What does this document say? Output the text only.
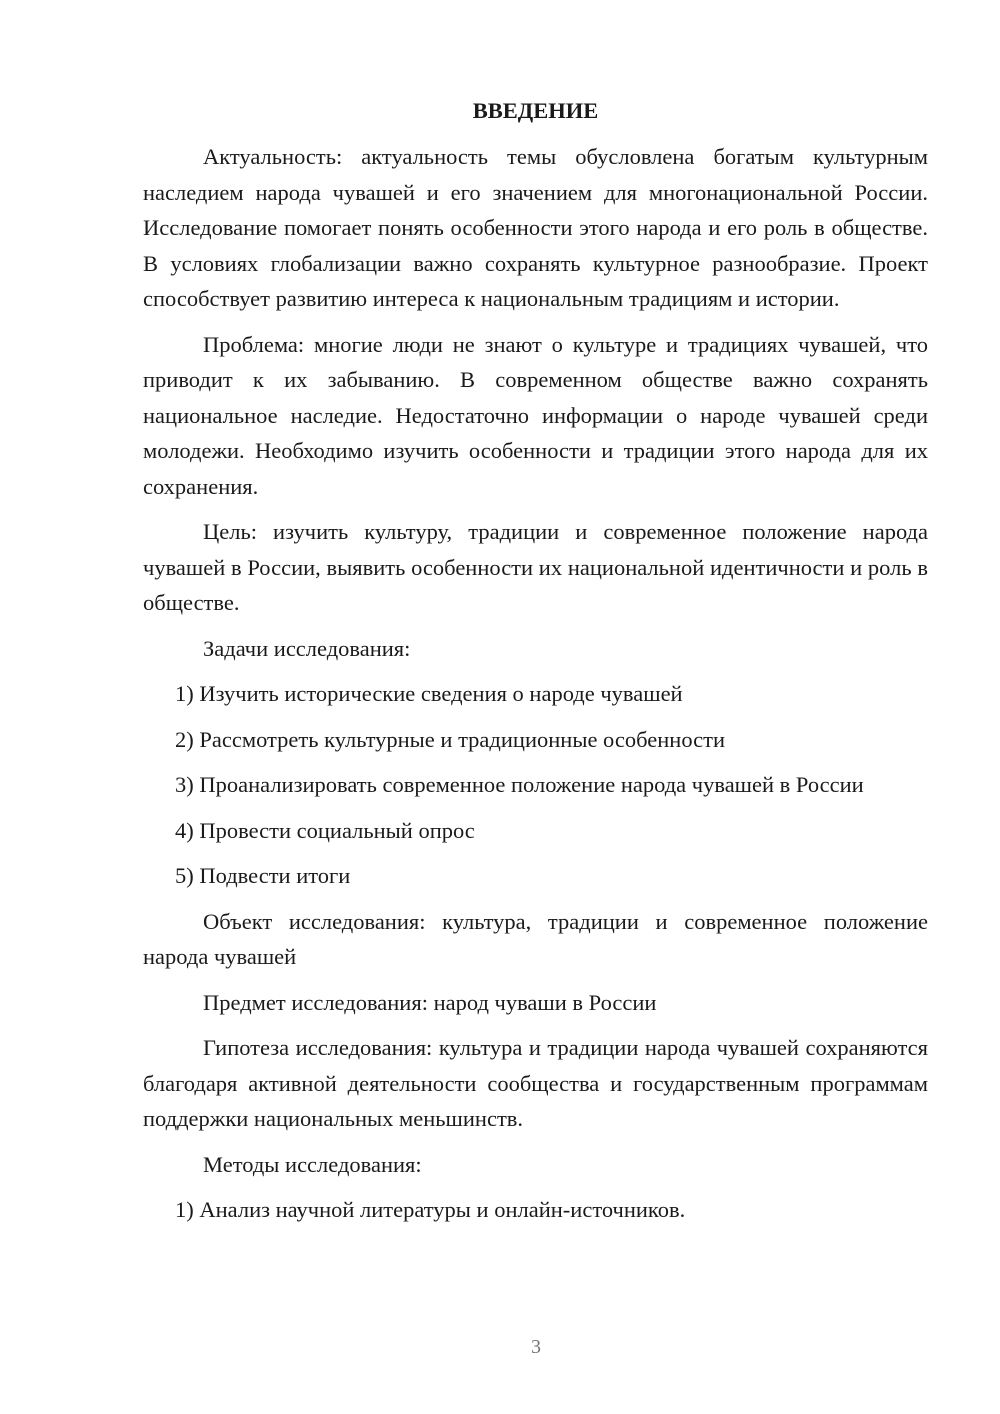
ВВЕДЕНИЕ

Актуальность: актуальность темы обусловлена богатым культурным наследием народа чувашей и его значением для многонациональной России. Исследование помогает понять особенности этого народа и его роль в обществе. В условиях глобализации важно сохранять культурное разнообразие. Проект способствует развитию интереса к национальным традициям и истории.

Проблема: многие люди не знают о культуре и традициях чувашей, что приводит к их забыванию. В современном обществе важно сохранять национальное наследие. Недостаточно информации о народе чувашей среди молодежи. Необходимо изучить особенности и традиции этого народа для их сохранения.

Цель: изучить культуру, традиции и современное положение народа чувашей в России, выявить особенности их национальной идентичности и роль в обществе.

Задачи исследования:

1) Изучить исторические сведения о народе чувашей

2) Рассмотреть культурные и традиционные особенности

3) Проанализировать современное положение народа чувашей в России

4) Провести социальный опрос

5) Подвести итоги

Объект исследования: культура, традиции и современное положение народа чувашей

Предмет исследования: народ чуваши в России

Гипотеза исследования: культура и традиции народа чувашей сохраняются благодаря активной деятельности сообщества и государственным программам поддержки национальных меньшинств.

Методы исследования:

1) Анализ научной литературы и онлайн-источников.

3
